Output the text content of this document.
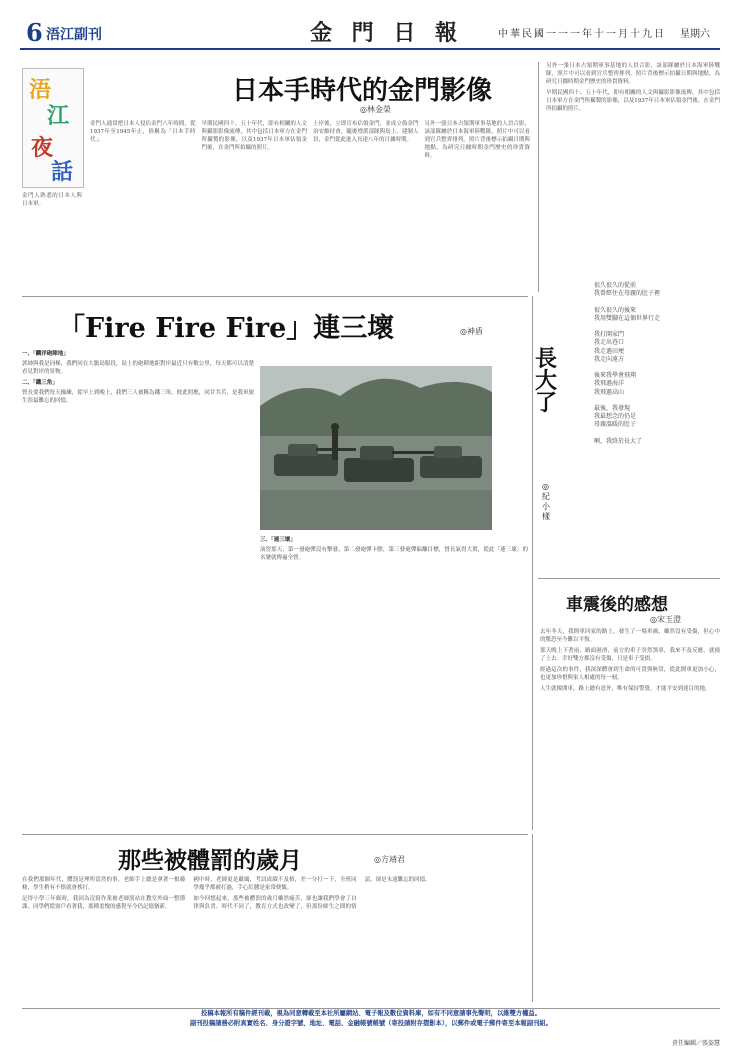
6 浯江副刊	金 門 日 報	中華民國一一一年十一月十九日 星期六
浯
江
夜
話
日本手時代的金門影像
◎林金榮
金門人熟悉的日本人與日本軍。

金門人通常把日本人侵佔金門八年時間，從1937年至1945年止，俗稱為「日本手時代」。

早期民國四十、五十年代，即有相關的人文與攝影影像流傳，其中包括日本軍方在金門所攝製的影像，以及1937年日本軍佔領金門後，在金門所拍攝的照片。

上岸後，立即宣布佔領金門，並成立偽金門治安維持會，隨後增派部隊與島上、建制人員，金門從此進入長達八年的日據時期。

另外一張日本占領期軍事基地的人員合影，該部隊屬於日本海軍陸戰隊，照片中可以看到官兵整齊排列。照片背後標示拍攝日期與地點，為研究日據時期金門歷史的珍貴資料。

另外一張日本占領期軍事基地的人員合影，該部隊屬於日本海軍陸戰隊，照片中可以看到官兵整齊排列。照片背後標示拍攝日期與地點，為研究日據時期金門歷史的珍貴資料。

早期民國四十、五十年代，即有相關的人文與攝影影像流傳，其中包括日本軍方在金門所攝製的影像，以及1937年日本軍佔領金門後，在金門所拍攝的照片。

「Fire Fire Fire」連三壞	◎神盾

一、「麟洋砲陣地」

郭帥與我是同梯，我們同在大膽島服役，島上的砲陣地距對岸最近只有數公里，每天都可以清楚看見對岸的景物。

二、「鐵三角」

營長要我們每天操練，從早上到晚上，我們三人被稱為鐵三角，彼此照應，同甘共苦，是我軍旅生涯最難忘的回憶。

三、「連三壞」

演習那天，第一發砲彈沒有擊發，第二發砲彈卡膛，第三發砲彈偏離目標，營長氣得大罵，從此「連三壞」的名號就傳遍全營。

長大了
◎紀小樣
很久很久的從前
我曾經住在母親的肚子裡

很久很久的後來
我用雙腳在這個世界行走

我打開家門
我走出巷口
我走過田埂
我走向遠方

後來我學會飛翔
我飛過海洋
我飛過高山

最後，我發現
我最想念的仍是
母親溫暖的肚子

啊，我終於長大了
車震後的感想
◎宋玉澄

去年冬天，我開車回家的路上，發生了一場車禍，雖然沒有受傷，但心中的驚恐至今難以平復。

那天晚上下著雨，路面濕滑，前方的車子突然煞車，我來不及反應，就撞了上去。幸好雙方都沒有受傷，只是車子受損。

經過這次的事件，我深深體會到生命的可貴與無常，從此開車更加小心，也更加珍惜與家人相處的每一刻。

人生就像開車，路上總有意外，唯有保持警覺，才能平安到達目的地。

那些被體罰的歲月	◎方靖君

在我們那個年代，體罰是理所當然的事，老師手上總是拿著一根藤條，學生稍有不慎就會挨打。

記得小學三年級時，我因為沒寫作業被老師罰站在教室外面一整節課，同學們從窗戶看著我，那種羞愧的感覺至今仍記憶猶新。

國中時，老師更是嚴厲，考試成績不及格，差一分打一下，全班同學幾乎都被打過，手心紅腫是家常便飯。

如今回想起來，那些被體罰的歲月雖然痛苦，卻也讓我們學會了自律與負責。時代不同了，教育方式也改變了，但那份師生之間的情誼，卻是永遠難忘的回憶。

投稿本報所有稿件經刊載，視為同意轉載至本社所屬網站、電子報及數位資料庫，如有不同意請事先聲明，以維雙方權益。
副刊投稿請務必附真實姓名、身分證字號、地址、電話、金融帳號帳號（寄投請附存摺影本），以郵件或電子郵件寄至本報副刊組。
責任編輯／張姿慧
